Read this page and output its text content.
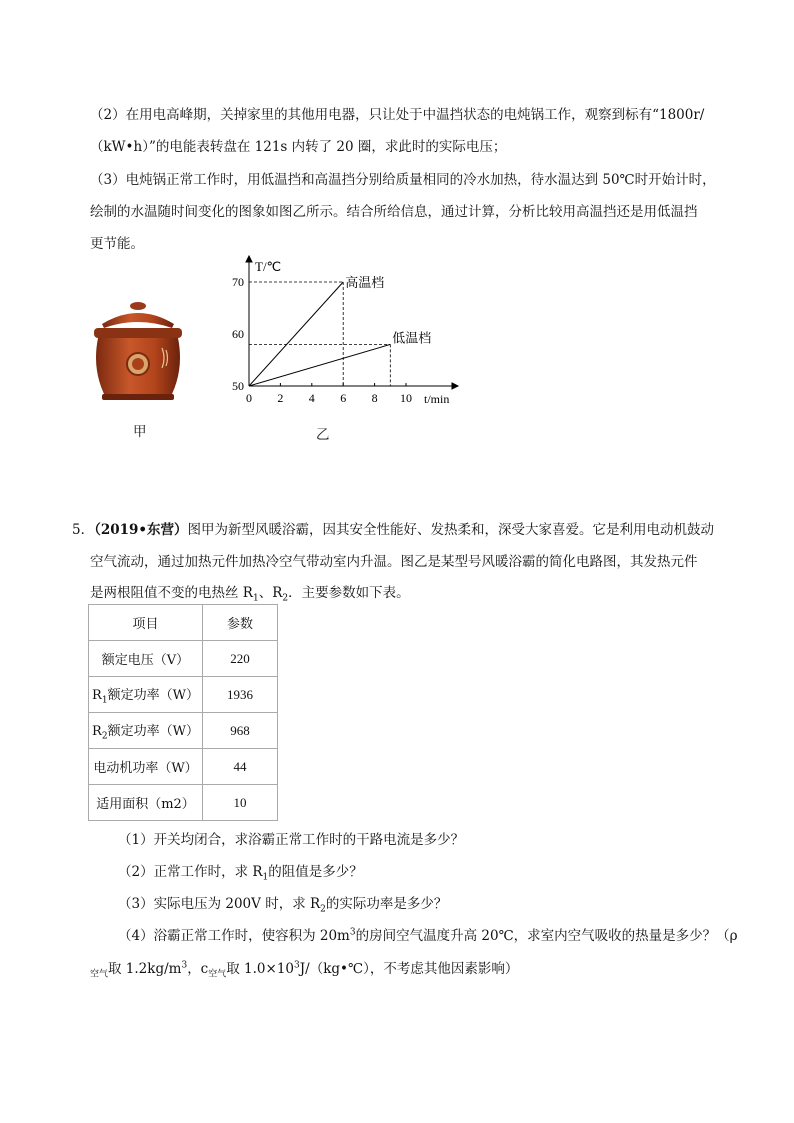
（2）在用电高峰期，关掉家里的其他用电器，只让处于中温挡状态的电炖锅工作，观察到标有“1800r/
（kW•h）”的电能表转盘在 121s 内转了 20 圈，求此时的实际电压；
（3）电炖锅正常工作时，用低温挡和高温挡分别给质量相同的冷水加热，待水温达到 50℃时开始计时，
绘制的水温随时间变化的图象如图乙所示。结合所给信息，通过计算，分析比较用高温挡还是用低温挡
更节能。
甲
0 2 4 6 8 10
50
60
70
T/℃
t/min
高温档
低温档
乙
5．（2019•东营）图甲为新型风暖浴霸，因其安全性能好、发热柔和，深受大家喜爱。它是利用电动机鼓动
空气流动，通过加热元件加热冷空气带动室内升温。图乙是某型号风暖浴霸的简化电路图，其发热元件
是两根阻值不变的电热丝 $R_1$、$R_2$．主要参数如下表。
项目	参数
额定电压（V）	220
$R_1$额定功率（W）	1936
$R_2$额定功率（W）	968
电动机功率（W）	44
适用面积（m2）	10
（1）开关均闭合，求浴霸正常工作时的干路电流是多少？
（2）正常工作时，求 $R_1$的阻值是多少？
（3）实际电压为 200V 时，求 $R_2$的实际功率是多少？
（4）浴霸正常工作时，使容积为 $20m^3$的房间空气温度升高 20℃，求室内空气吸收的热量是多少？（ρ
$_{空气}$取 $1.2kg/m^3$，$c_{空气}$取 $1.0\times 10^3J/(kg•℃)$，不考虑其他因素影响）
